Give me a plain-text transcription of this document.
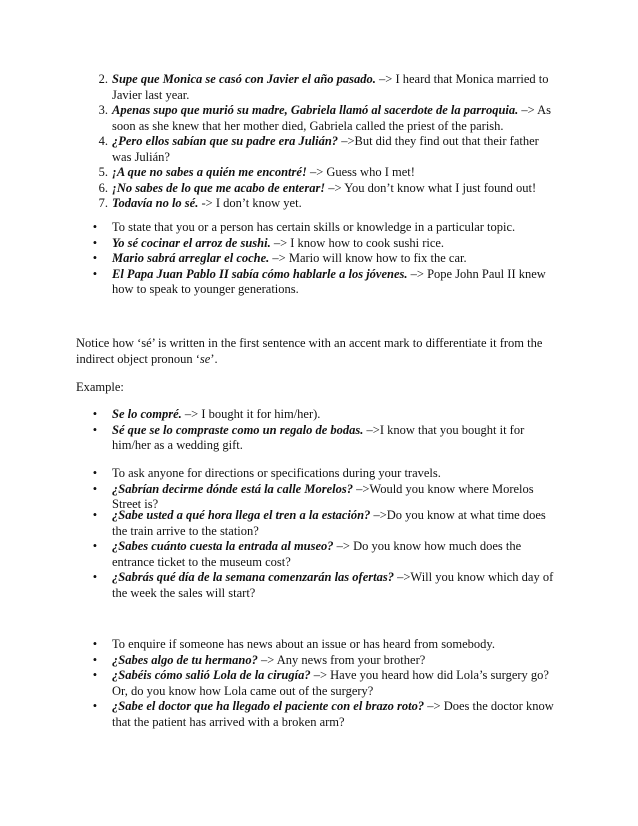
2. Supe que Monica se casó con Javier el año pasado. –> I heard that Monica married to Javier last year.
3. Apenas supo que murió su madre, Gabriela llamó al sacerdote de la parroquia. –> As soon as she knew that her mother died, Gabriela called the priest of the parish.
4. ¿Pero ellos sabían que su padre era Julián? –>But did they find out that their father was Julián?
5. ¡A que no sabes a quién me encontré! –> Guess who I met!
6. ¡No sabes de lo que me acabo de enterar! –> You don’t know what I just found out!
7. Todavía no lo sé. -> I don’t know yet.
• To state that you or a person has certain skills or knowledge in a particular topic.
• Yo sé cocinar el arroz de sushi. –> I know how to cook sushi rice.
• Mario sabrá arreglar el coche. –> Mario will know how to fix the car.
• El Papa Juan Pablo II sabía cómo hablarle a los jóvenes. –> Pope John Paul II knew how to speak to younger generations.

Notice how ‘sé’ is written in the first sentence with an accent mark to differentiate it from the indirect object pronoun ‘se’.

Example:

• Se lo compré. –> I bought it for him/her).
• Sé que se lo compraste como un regalo de bodas. –>I know that you bought it for him/her as a wedding gift.
• To ask anyone for directions or specifications during your travels.
• ¿Sabrían decirme dónde está la calle Morelos? –>Would you know where Morelos Street is?
• ¿Sabe usted a qué hora llega el tren a la estación? –>Do you know at what time does the train arrive to the station?
• ¿Sabes cuánto cuesta la entrada al museo? –> Do you know how much does the entrance ticket to the museum cost?
• ¿Sabrás qué día de la semana comenzarán las ofertas? –>Will you know which day of the week the sales will start?
• To enquire if someone has news about an issue or has heard from somebody.
• ¿Sabes algo de tu hermano? –> Any news from your brother?
• ¿Sabéis cómo salió Lola de la cirugía? –> Have you heard how did Lola’s surgery go? Or, do you know how Lola came out of the surgery?
• ¿Sabe el doctor que ha llegado el paciente con el brazo roto? –> Does the doctor know that the patient has arrived with a broken arm?
